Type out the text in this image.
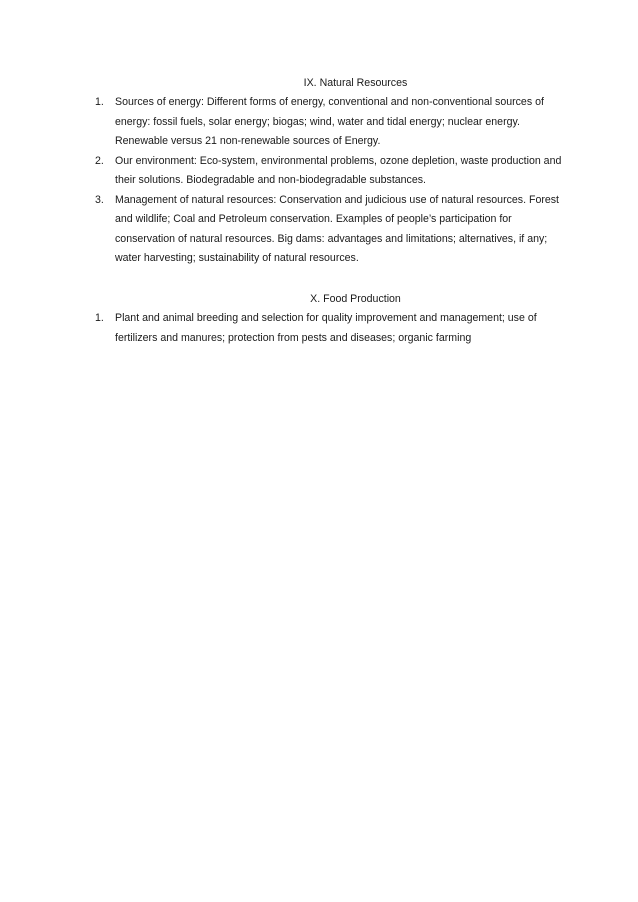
IX. Natural Resources
1. Sources of energy: Different forms of energy, conventional and non-conventional sources of
energy: fossil fuels, solar energy; biogas; wind, water and tidal energy; nuclear energy.
Renewable versus 21 non-renewable sources of Energy.
2. Our environment: Eco-system, environmental problems, ozone depletion, waste production and
their solutions. Biodegradable and non-biodegradable substances.
3. Management of natural resources: Conservation and judicious use of natural resources. Forest
and wildlife; Coal and Petroleum conservation. Examples of people’s participation for
conservation of natural resources. Big dams: advantages and limitations; alternatives, if any;
water harvesting; sustainability of natural resources.
X. Food Production
1. Plant and animal breeding and selection for quality improvement and management; use of
fertilizers and manures; protection from pests and diseases; organic farming
